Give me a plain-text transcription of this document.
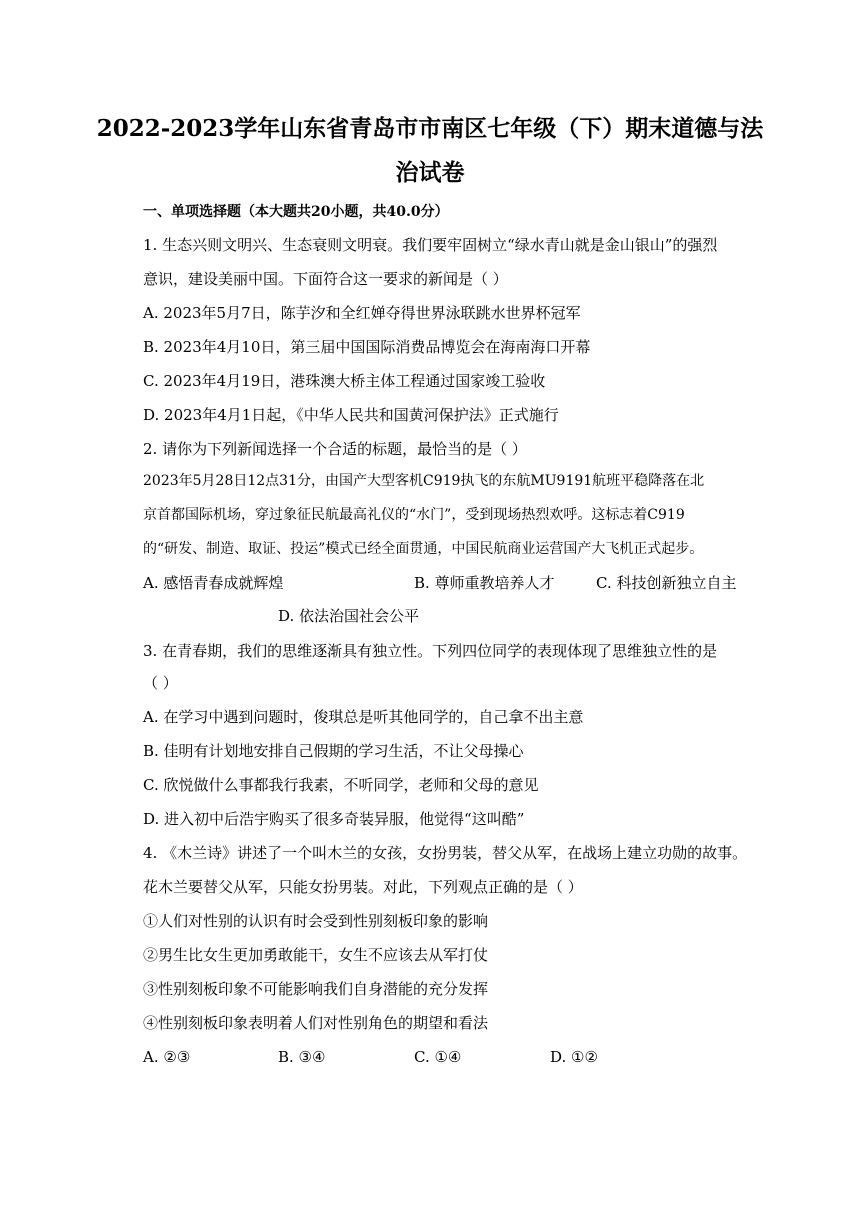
2022-2023学年山东省青岛市市南区七年级（下）期末道德与法
治试卷
一、单项选择题（本大题共20小题，共40.0分）
1. 生态兴则文明兴、生态衰则文明衰。我们要牢固树立“绿水青山就是金山银山”的强烈
意识，建设美丽中国。下面符合这一要求的新闻是（ ）
A. 2023年5月7日，陈芋汐和全红婵夺得世界泳联跳水世界杯冠军
B. 2023年4月10日，第三届中国国际消费品博览会在海南海口开幕
C. 2023年4月19日，港珠澳大桥主体工程通过国家竣工验收
D. 2023年4月1日起，《中华人民共和国黄河保护法》正式施行
2. 请你为下列新闻选择一个合适的标题，最恰当的是（ ）
2023年5月28日12点31分，由国产大型客机C919执飞的东航MU9191航班平稳降落在北
京首都国际机场，穿过象征民航最高礼仪的“水门”，受到现场热烈欢呼。这标志着C919
的“研发、制造、取证、投运”模式已经全面贯通，中国民航商业运营国产大飞机正式起步。
A. 感悟青春成就辉煌	B. 尊师重教培养人才	C. 科技创新独立自主
D. 依法治国社会公平
3. 在青春期，我们的思维逐渐具有独立性。下列四位同学的表现体现了思维独立性的是
（ ）
A. 在学习中遇到问题时，俊琪总是听其他同学的，自己拿不出主意
B. 佳明有计划地安排自己假期的学习生活，不让父母操心
C. 欣悦做什么事都我行我素，不听同学，老师和父母的意见
D. 进入初中后浩宇购买了很多奇装异服，他觉得“这叫酷”
4. 《木兰诗》讲述了一个叫木兰的女孩，女扮男装，替父从军，在战场上建立功勋的故事。
花木兰要替父从军，只能女扮男装。对此，下列观点正确的是（ ）
①人们对性别的认识有时会受到性别刻板印象的影响
②男生比女生更加勇敢能干，女生不应该去从军打仗
③性别刻板印象不可能影响我们自身潜能的充分发挥
④性别刻板印象表明着人们对性别角色的期望和看法
A. ②③	B. ③④	C. ①④	D. ①②
